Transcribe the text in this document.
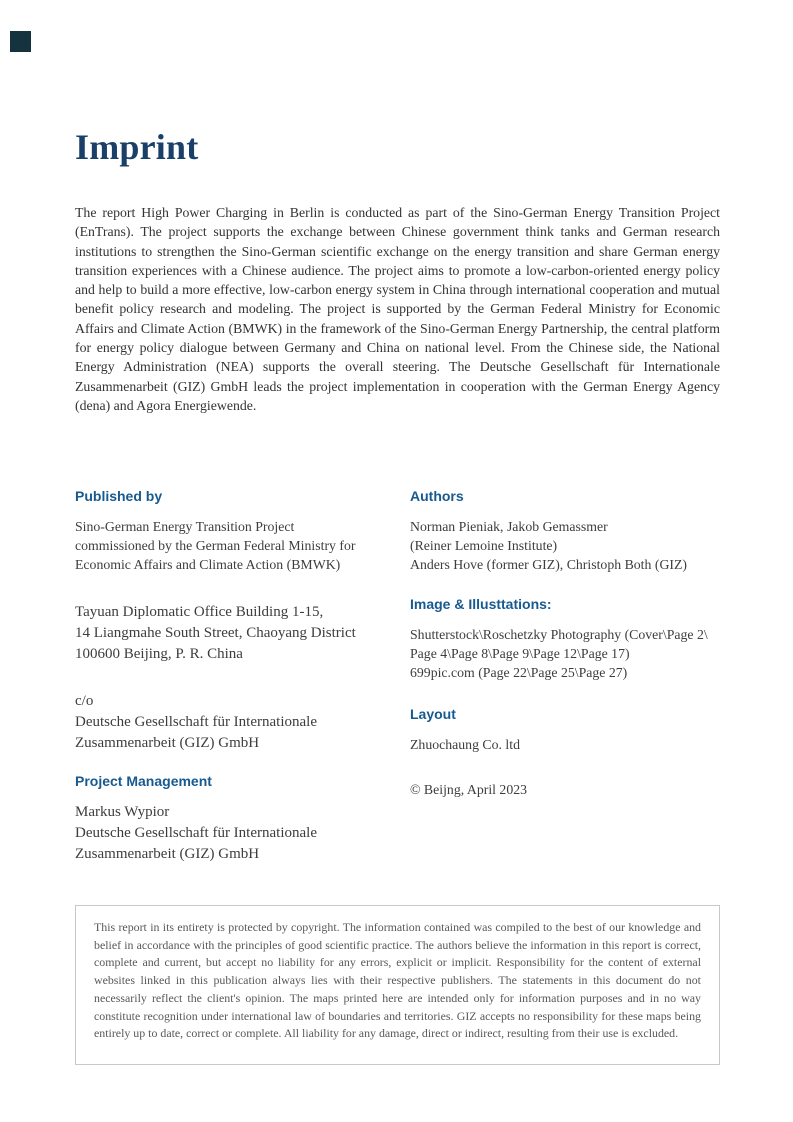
Imprint

The report High Power Charging in Berlin is conducted as part of the Sino-German Energy Transition Project (EnTrans). The project supports the exchange between Chinese government think tanks and German research institutions to strengthen the Sino-German scientific exchange on the energy transition and share German energy transition experiences with a Chinese audience. The project aims to promote a low-carbon-oriented energy policy and help to build a more effective, low-carbon energy system in China through international cooperation and mutual benefit policy research and modeling. The project is supported by the German Federal Ministry for Economic Affairs and Climate Action (BMWK) in the framework of the Sino-German Energy Partnership, the central platform for energy policy dialogue between Germany and China on national level. From the Chinese side, the National Energy Administration (NEA) supports the overall steering. The Deutsche Gesellschaft für Internationale Zusammenarbeit (GIZ) GmbH leads the project implementation in cooperation with the German Energy Agency (dena) and Agora Energiewende.

Published by

Sino-German Energy Transition Project

commissioned by the German Federal Ministry for

Economic Affairs and Climate Action (BMWK)

Tayuan Diplomatic Office Building 1-15,

14 Liangmahe South Street, Chaoyang District

100600 Beijing, P. R. China

c/o

Deutsche Gesellschaft für Internationale

Zusammenarbeit (GIZ) GmbH

Project Management

Markus Wypior

Deutsche Gesellschaft für Internationale

Zusammenarbeit (GIZ) GmbH

Authors

Norman Pieniak, Jakob Gemassmer

(Reiner Lemoine Institute)

Anders Hove (former GIZ), Christoph Both (GIZ)

Image & Illusttations:

Shutterstock\Roschetzky Photography (Cover\Page 2\

Page 4\Page 8\Page 9\Page 12\Page 17)

699pic.com (Page 22\Page 25\Page 27)

Layout

Zhuochaung Co. ltd

© Beijng, April 2023

This report in its entirety is protected by copyright. The information contained was compiled to the best of our knowledge and belief in accordance with the principles of good scientific practice. The authors believe the information in this report is correct, complete and current, but accept no liability for any errors, explicit or implicit. Responsibility for the content of external websites linked in this publication always lies with their respective publishers. The statements in this document do not necessarily reflect the client's opinion. The maps printed here are intended only for information purposes and in no way constitute recognition under international law of boundaries and territories. GIZ accepts no responsibility for these maps being entirely up to date, correct or complete. All liability for any damage, direct or indirect, resulting from their use is excluded.
